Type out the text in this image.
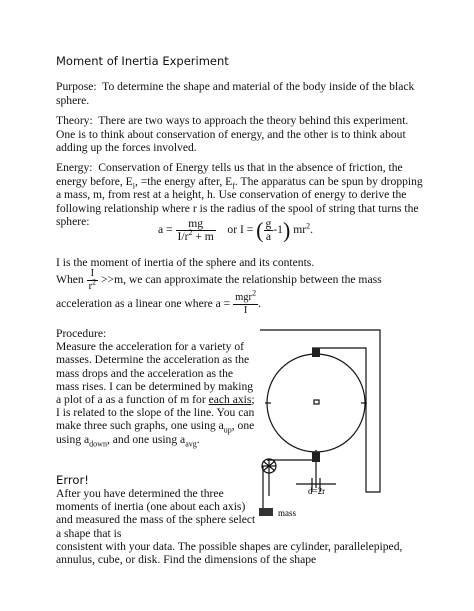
Moment of Inertia Experiment

Purpose: To determine the shape and material of the body inside of the black sphere.

Theory: There are two ways to approach the theory behind this experiment. One is to think about conservation of energy, and the other is to think about adding up the forces involved.

Energy: Conservation of Energy tells us that in the absence of friction, the energy before, $E_i$, =the energy after, $E_f$. The apparatus can be spun by dropping a mass, m, from rest at a height, h. Use conservation of energy to derive the following relationship where r is the radius of the spool of string that turns the sphere:

$a = \frac{mg}{I/r^2 + m}$ or I = ( $\frac{g}{a} -1$) $mr^2$.

I is the moment of inertia of the sphere and its contents.

When $\frac{I}{r^2} >>m$, we can approximate the relationship between the mass
acceleration as a linear one where $a = \frac{mgr^2}{I}$ .

Procedure:
Measure the acceleration for a variety of masses. Determine the acceleration as the mass drops and the acceleration as the mass rises. I can be determined by making a plot of a as a function of m for each axis; I is related to the slope of the line. You can make three such graphs, one using $a_{up}$, one using $a_{down}$, and one using $a_{avg}$.

Error!

After you have determined the three moments of inertia (one about each axis) and measured the mass of the sphere select a shape that is

consistent with your data. The possible shapes are cylinder, parallelepiped, annulus, cube, or disk. Find the dimensions of the shape

d=2r
mass
